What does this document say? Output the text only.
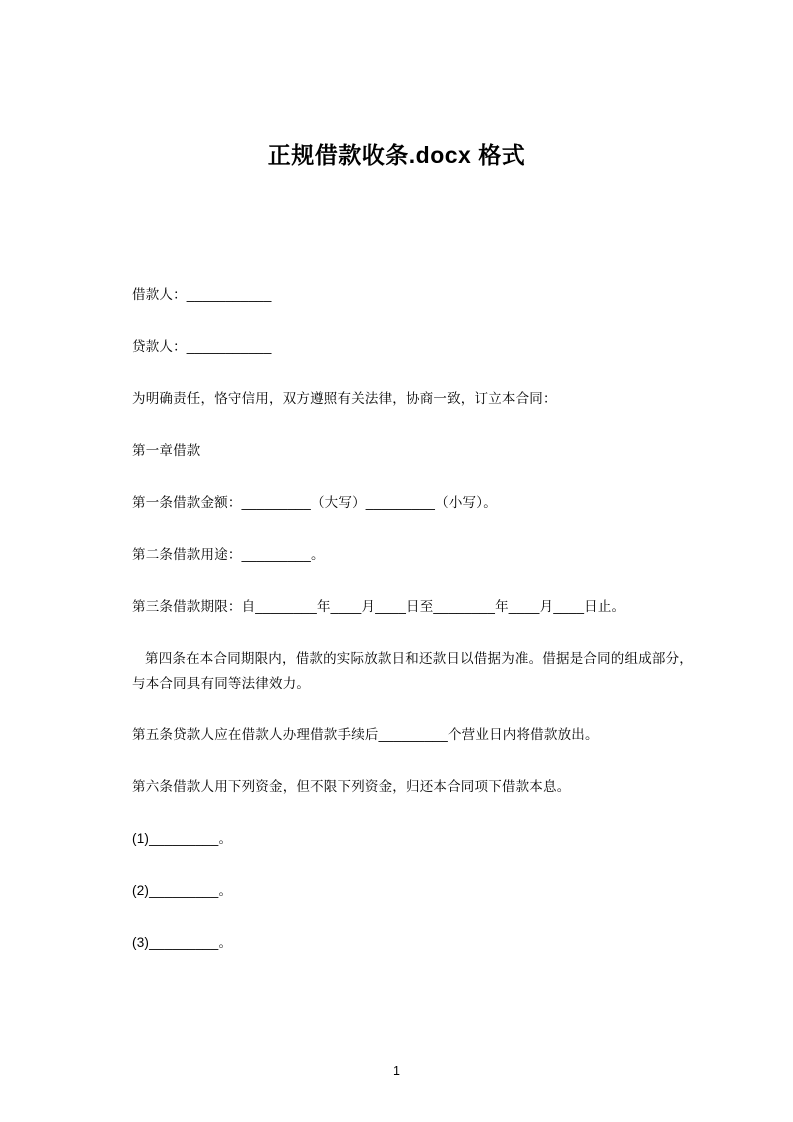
正规借款收条.docx 格式

借款人：___________

贷款人：___________

为明确责任，恪守信用，双方遵照有关法律，协商一致，订立本合同：

第一章借款

第一条借款金额：_________（大写）_________（小写）。

第二条借款用途：_________。

第三条借款期限：自________年____月____日至________年____月____日止。

第四条在本合同期限内，借款的实际放款日和还款日以借据为准。借据是合同的组成部分，与本合同具有同等法律效力。

第五条贷款人应在借款人办理借款手续后_________个营业日内将借款放出。

第六条借款人用下列资金，但不限下列资金，归还本合同项下借款本息。

(1)_________。

(2)_________。

(3)_________。

1
